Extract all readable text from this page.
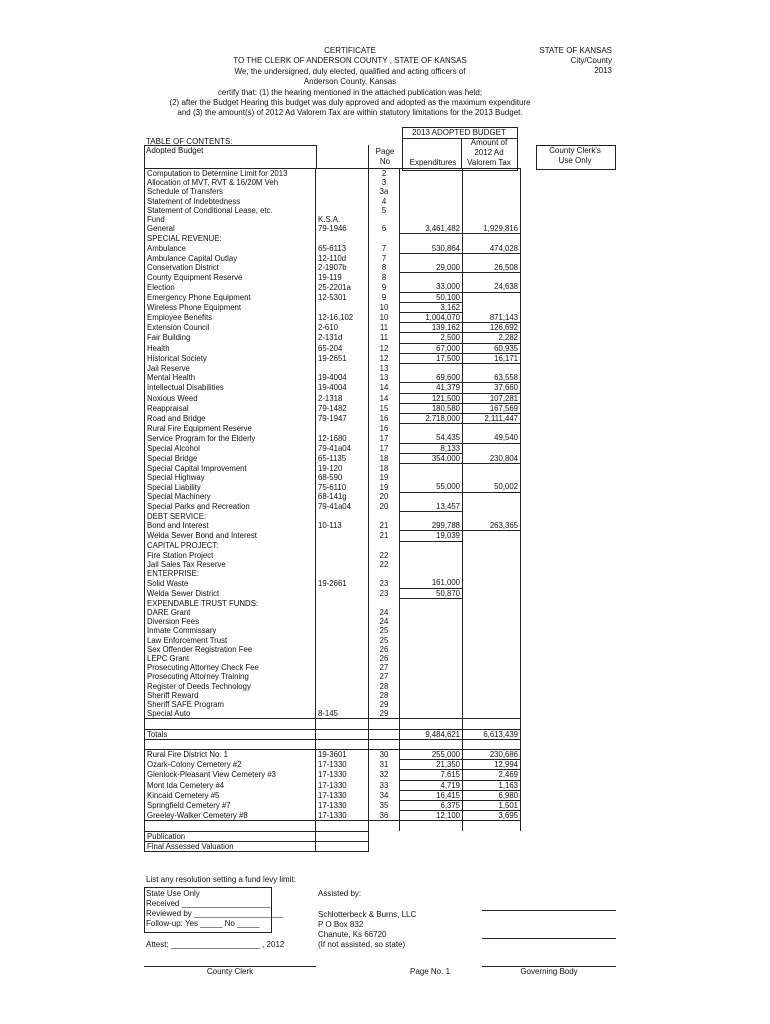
CERTIFICATE
TO THE CLERK OF ANDERSON COUNTY , STATE OF KANSAS
We, the undersigned, duly elected, qualified and acting officers of
Anderson County, Kansas
certify that: (1) the hearing mentioned in the attached publication was held;
(2) after the Budget Hearing this budget was duly approved and adopted as the maximum expenditure
and (3) the amount(s) of 2012 Ad Valorem Tax are within statutory limitations for the 2013 Budget.
STATE OF KANSAS
City/County
2013
2013 ADOPTED BUDGET
Amount of
2012 Ad
Valorem Tax
Expenditures
Page
No
TABLE OF CONTENTS:
Adopted Budget	County Clerk's
Use Only
Computation to Determine Limit for 2013		2		
Allocation of MVT, RVT & 16/20M Veh		3		
Schedule of Transfers		3a		
Statement of Indebtedness		4		
Statement of Conditional Lease, etc.		5		
Fund	K.S.A.			
General	79-1946	6	3,461,482	1,929,816
SPECIAL REVENUE:				
Ambulance	65-6113	7	530,864	474,028
Ambulance Capital Outlay	12-110d	7		
Conservation District	2-1907b	8	29,000	26,508
County Equipment Reserve	19-119	8		
Election	25-2201a	9	33,000	24,638
Emergency Phone Equipment	12-5301	9	50,100	
Wireless Phone Equipment		10	3,162	
Employee Benefits	12-16,102	10	1,004,070	871,143
Extension Council	2-610	11	139,162	126,692
Fair Building	2-131d	11	2,500	2,282
Health	65-204	12	67,000	60,935
Historical Society	19-2651	12	17,500	16,171
Jail Reserve		13		
Mental Health	19-4004	13	69,600	63,558
Intellectual Disabilities	19-4004	14	41,379	37,660
Noxious Weed	2-1318	14	121,500	107,281
Reappraisal	79-1482	15	180,580	167,569
Road and Bridge	79-1947	16	2,718,000	2,111,447
Rural Fire Equipment Reserve		16		
Service Program for the Elderly	12-1680	17	54,435	49,540
Special Alcohol	79-41a04	17	8,133	
Special Bridge	65-1135	18	354,000	230,804
Special Capital Improvement	19-120	18		
Special Highway	68-590	19		
Special Liability	75-6110	19	55,000	50,002
Special Machinery	68-141g	20		
Special Parks and Recreation	79-41a04	20	13,457	
DEBT SERVICE:				
Bond and Interest	10-113	21	299,788	263,365
Welda Sewer Bond and Interest		21	19,039	
CAPITAL PROJECT:				
Fire Station Project		22		
Jail Sales Tax Reserve		22		
ENTERPRISE:				
Solid Waste	19-2661	23	161,000	
Welda Sewer District		23	50,870	
EXPENDABLE TRUST FUNDS:				
DARE Grant		24		
Diversion Fees		24		
Inmate Commissary		25		
Law Enforcement Trust		25		
Sex Offender Registration Fee		26		
LEPC Grant		26		
Prosecuting Attorney Check Fee		27		
Prosecuting Attorney Training		27		
Register of Deeds Technology		28		
Sheriff Reward		28		
Sheriff SAFE Program		29		
Special Auto	8-145	29		

Totals			9,484,621	6,613,439

Rural Fire District No. 1	19-3601	30	255,000	230,686
Ozark-Colony Cemetery #2	17-1330	31	21,350	12,994
Glenlock-Pleasant View Cemetery #3	17-1330	32	7,615	2,469
Mont Ida Cemetery #4	17-1330	33	4,719	1,163
Kincaid Cemetery #5	17-1330	34	16,415	6,980
Springfield Cemetery #7	17-1330	35	6,375	1,501
Greeley-Walker Cemetery #8	17-1330	36	12,100	3,695

Publication				
Final Assessed Valuation				
List any resolution setting a fund levy limit:
State Use Only
Received ____________________
Reviewed by ____________________
Follow-up: Yes _____ No _____
Attest: ____________________ , 2012
Assisted by:
Schlotterbeck & Burns, LLC
P O Box 832
Chanute, Ks 66720
(If not assisted, so state)
County Clerk	Page No. 1	Governing Body
